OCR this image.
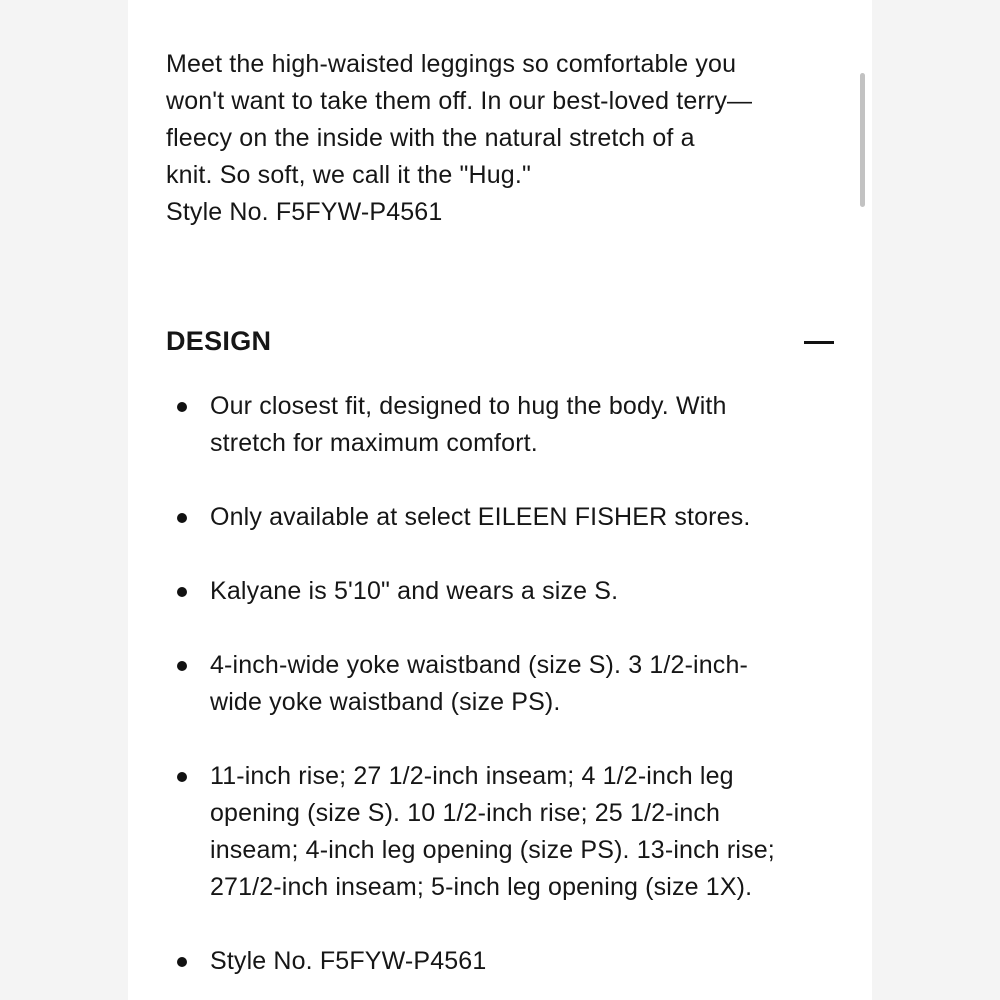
Meet the high-waisted leggings so comfortable you

won't want to take them off. In our best-loved terry—

fleecy on the inside with the natural stretch of a

knit. So soft, we call it the "Hug."

Style No. F5FYW-P4561

DESIGN
Our closest fit, designed to hug the body. With
stretch for maximum comfort.
Only available at select EILEEN FISHER stores.
Kalyane is 5'10" and wears a size S.
4-inch-wide yoke waistband (size S). 3 1/2-inch-
wide yoke waistband (size PS).
11-inch rise; 27 1/2-inch inseam; 4 1/2-inch leg
opening (size S). 10 1/2-inch rise; 25 1/2-inch
inseam; 4-inch leg opening (size PS). 13-inch rise;
271/2-inch inseam; 5-inch leg opening (size 1X).
Style No. F5FYW-P4561
